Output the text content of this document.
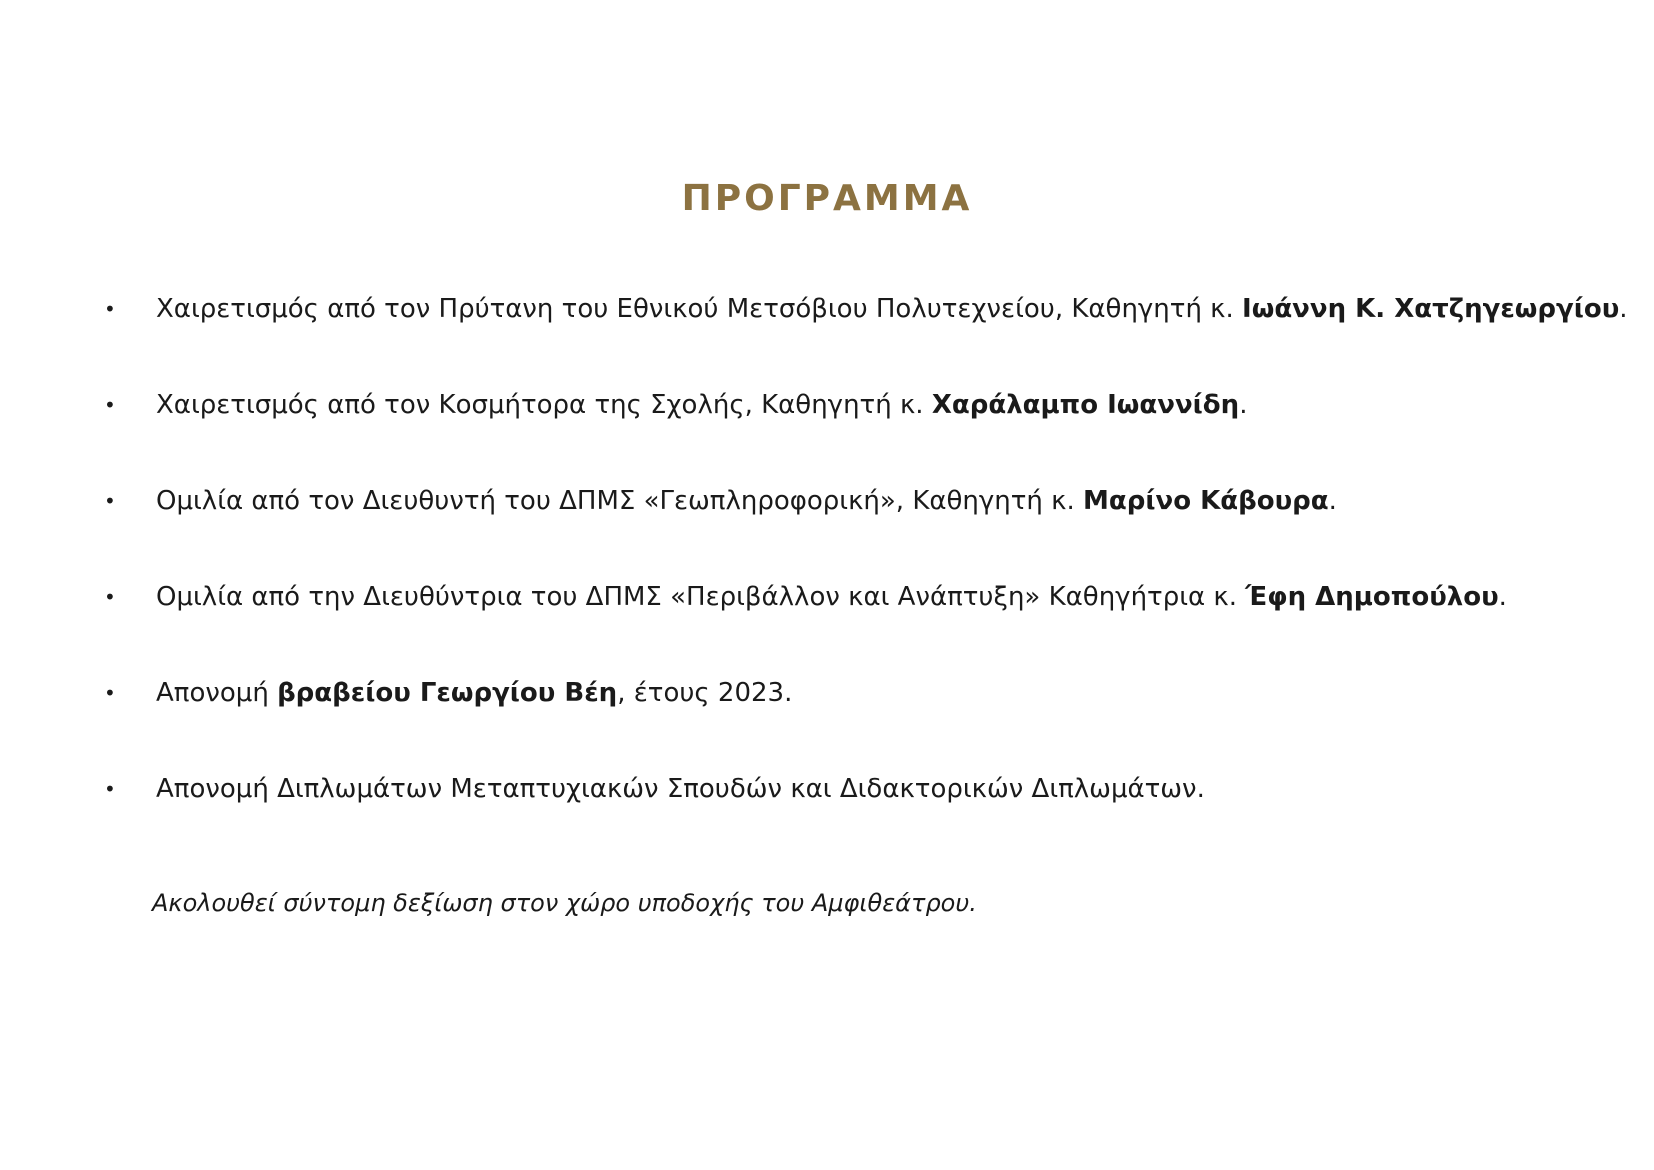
ΠΡΟΓΡΑΜΜΑ
• Χαιρετισμός από τον Πρύτανη του Εθνικού Μετσόβιου Πολυτεχνείου, Καθηγητή κ. Ιωάννη Κ. Χατζηγεωργίου.
• Χαιρετισμός από τον Κοσμήτορα της Σχολής, Καθηγητή κ. Χαράλαμπο Ιωαννίδη.
• Ομιλία από τον Διευθυντή του ΔΠΜΣ «Γεωπληροφορική», Καθηγητή κ. Μαρίνο Κάβουρα.
• Ομιλία από την Διευθύντρια του ΔΠΜΣ «Περιβάλλον και Ανάπτυξη» Καθηγήτρια κ. Έφη Δημοπούλου.
• Απονομή βραβείου Γεωργίου Βέη, έτους 2023.
• Απονομή Διπλωμάτων Μεταπτυχιακών Σπουδών και Διδακτορικών Διπλωμάτων.

Ακολουθεί σύντομη δεξίωση στον χώρο υποδοχής του Αμφιθεάτρου.
